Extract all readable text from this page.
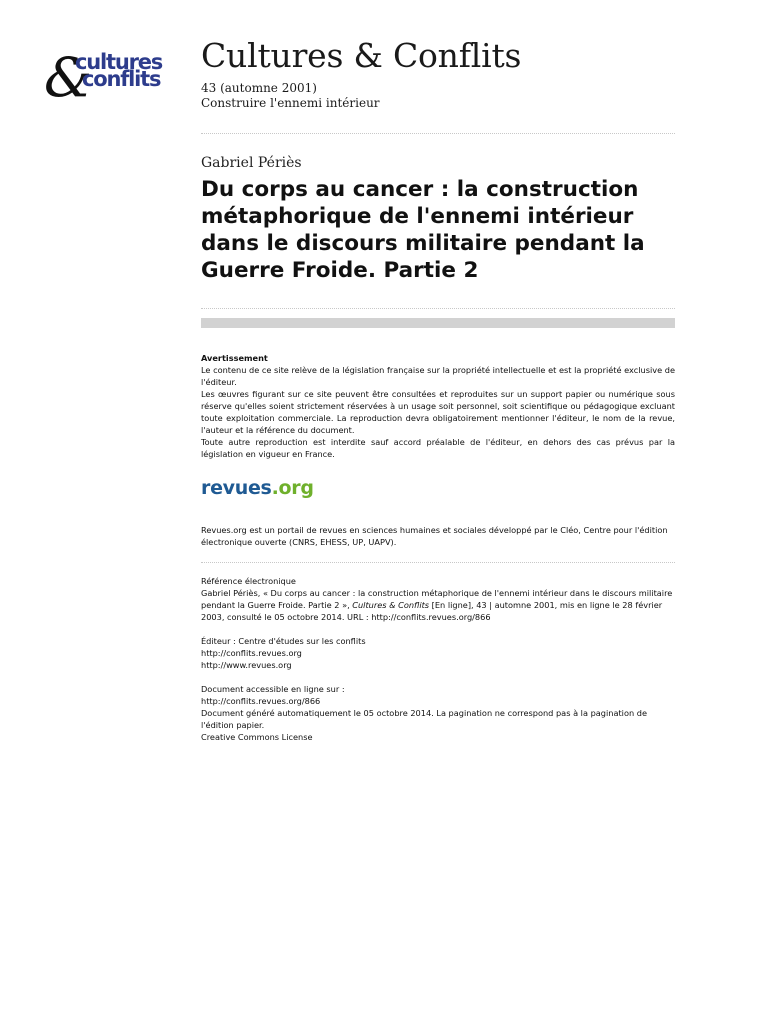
&
cultures
conflits
Cultures & Conflits
43 (automne 2001)
Construire l'ennemi intérieur
Gabriel Périès
Du corps au cancer : la construction métaphorique de l'ennemi intérieur dans le discours militaire pendant la Guerre Froide. Partie 2

Avertissement

Le contenu de ce site relève de la législation française sur la propriété intellectuelle et est la propriété exclusive de l'éditeur.

Les œuvres figurant sur ce site peuvent être consultées et reproduites sur un support papier ou numérique sous réserve qu'elles soient strictement réservées à un usage soit personnel, soit scientifique ou pédagogique excluant toute exploitation commerciale. La reproduction devra obligatoirement mentionner l'éditeur, le nom de la revue, l'auteur et la référence du document.

Toute autre reproduction est interdite sauf accord préalable de l'éditeur, en dehors des cas prévus par la législation en vigueur en France.

revues.org

Revues.org est un portail de revues en sciences humaines et sociales développé par le Cléo, Centre pour l'édition électronique ouverte (CNRS, EHESS, UP, UAPV).

Référence électronique

Gabriel Périès, « Du corps au cancer : la construction métaphorique de l'ennemi intérieur dans le discours militaire pendant la Guerre Froide. Partie 2 », Cultures & Conflits [En ligne], 43 | automne 2001, mis en ligne le 28 février 2003, consulté le 05 octobre 2014. URL : http://conflits.revues.org/866

Éditeur : Centre d'études sur les conflits

http://conflits.revues.org

http://www.revues.org

Document accessible en ligne sur :

http://conflits.revues.org/866

Document généré automatiquement le 05 octobre 2014. La pagination ne correspond pas à la pagination de l'édition papier.

Creative Commons License
